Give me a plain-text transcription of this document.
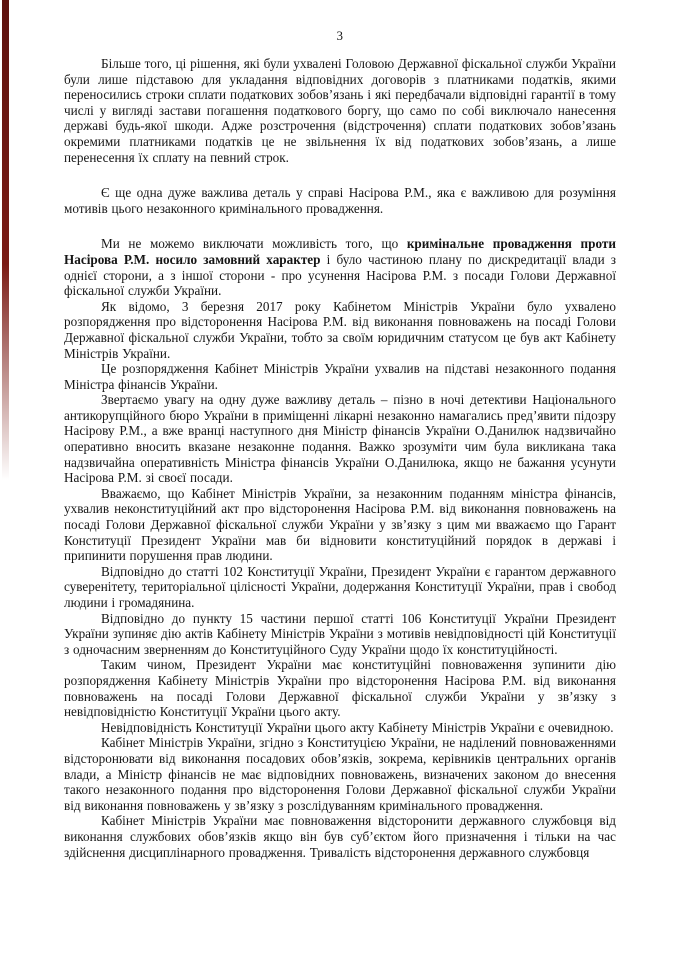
3

Більше того, ці рішення, які були ухвалені Головою Державної фіскальної служби України були лише підставою для укладання відповідних договорів з платниками податків, якими переносились строки сплати податкових зобов’язань і які передбачали відповідні гарантії в тому числі у вигляді застави погашення податкового боргу, що само по собі виключало нанесення державі будь-якої шкоди. Адже розстрочення (відстрочення) сплати податкових зобов’язань окремими платниками податків це не звільнення їх від податкових зобов’язань, а лише перенесення їх сплату на певний строк.

Є ще одна дуже важлива деталь у справі Насірова Р.М., яка є важливою для розуміння мотивів цього незаконного кримінального провадження.

Ми не можемо виключати можливість того, що кримінальне провадження проти Насірова Р.М. носило замовний характер і було частиною плану по дискредитації влади з однієї сторони, а з іншої сторони - про усунення Насірова Р.М. з посади Голови Державної фіскальної служби України.

Як відомо, 3 березня 2017 року Кабінетом Міністрів України було ухвалено розпорядження про відсторонення Насірова Р.М. від виконання повноважень на посаді Голови Державної фіскальної служби України, тобто за своїм юридичним статусом це був акт Кабінету Міністрів України.

Це розпорядження Кабінет Міністрів України ухвалив на підставі незаконного подання Міністра фінансів України.

Звертаємо увагу на одну дуже важливу деталь – пізно в ночі детективи Національного антикорупційного бюро України в приміщенні лікарні незаконно намагались пред’явити підозру Насірову Р.М., а вже вранці наступного дня Міністр фінансів України О.Данилюк надзвичайно оперативно вносить вказане незаконне подання. Важко зрозуміти чим була викликана така надзвичайна оперативність Міністра фінансів України О.Данилюка, якщо не бажання усунути Насірова Р.М. зі своєї посади.

Вважаємо, що Кабінет Міністрів України, за незаконним поданням міністра фінансів, ухвалив неконституційний акт про відсторонення Насірова Р.М. від виконання повноважень на посаді Голови Державної фіскальної служби України у зв’язку з цим ми вважаємо що Гарант Конституції Президент України мав би відновити конституційний порядок в державі і припинити порушення прав людини.

Відповідно до статті 102 Конституції України, Президент України є гарантом державного суверенітету, територіальної цілісності України, додержання Конституції України, прав і свобод людини і громадянина.

Відповідно до пункту 15 частини першої статті 106 Конституції України Президент України зупиняє дію актів Кабінету Міністрів України з мотивів невідповідності цій Конституції з одночасним зверненням до Конституційного Суду України щодо їх конституційності.

Таким чином, Президент України має конституційні повноваження зупинити дію розпорядження Кабінету Міністрів України про відсторонення Насірова Р.М. від виконання повноважень на посаді Голови Державної фіскальної служби України у зв’язку з невідповідністю Конституції України цього акту.

Невідповідність Конституції України цього акту Кабінету Міністрів України є очевидною.

Кабінет Міністрів України, згідно з Конституцією України, не наділений повноваженнями відсторонювати від виконання посадових обов’язків, зокрема, керівників центральних органів влади, а Міністр фінансів не має відповідних повноважень, визначених законом до внесення такого незаконного подання про відсторонення Голови Державної фіскальної служби України від виконання повноважень у зв’язку з розслідуванням кримінального провадження.

Кабінет Міністрів України має повноваження відсторонити державного службовця від виконання службових обов’язків якщо він був суб’єктом його призначення і тільки на час здійснення дисциплінарного провадження. Тривалість відсторонення державного службовця
